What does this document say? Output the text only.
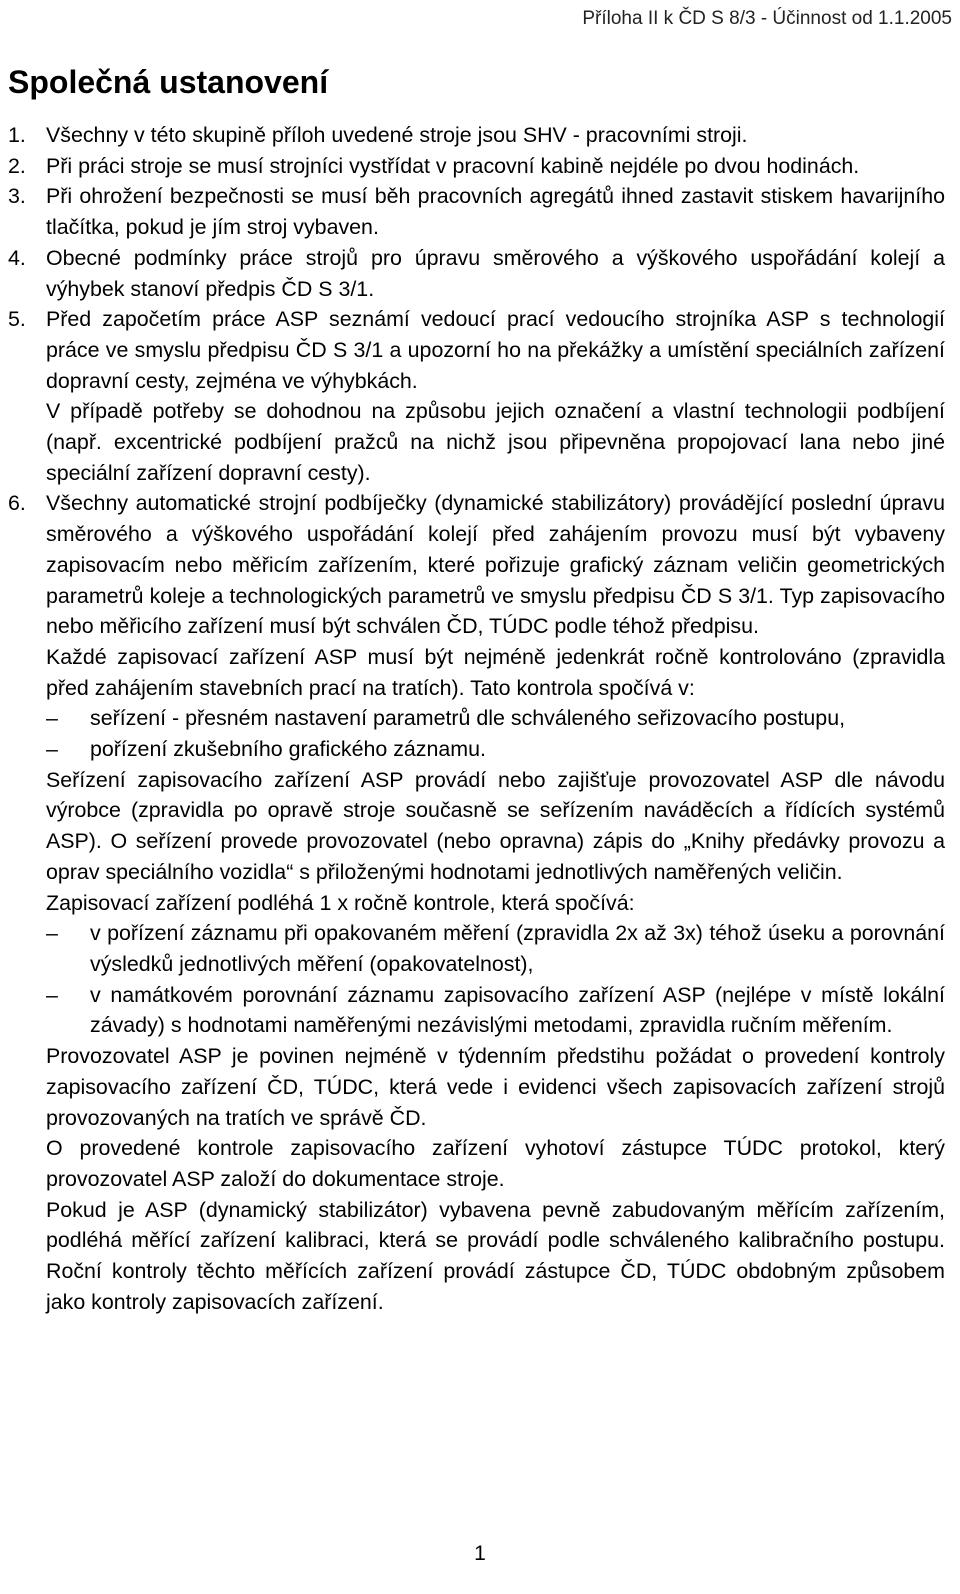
Příloha II k ČD S 8/3 - Účinnost od 1.1.2005
Společná ustanovení
1. Všechny v této skupině příloh uvedené stroje jsou SHV - pracovními stroji.

2. Při práci stroje se musí strojníci vystřídat v pracovní kabině nejdéle po dvou hodinách.

3. Při ohrožení bezpečnosti se musí běh pracovních agregátů ihned zastavit stiskem havarijního tlačítka, pokud je jím stroj vybaven.

4. Obecné podmínky práce strojů pro úpravu směrového a výškového uspořádání kolejí a výhybek stanoví předpis ČD S 3/1.

5. Před započetím práce ASP seznámí vedoucí prací vedoucího strojníka ASP s technologií práce ve smyslu předpisu ČD S 3/1 a upozorní ho na překážky a umístění speciálních zařízení dopravní cesty, zejména ve výhybkách.

V případě potřeby se dohodnou na způsobu jejich označení a vlastní technologii podbíjení (např. excentrické podbíjení pražců na nichž jsou připevněna propojovací lana nebo jiné speciální zařízení dopravní cesty).

6. Všechny automatické strojní podbíječky (dynamické stabilizátory) provádějící poslední úpravu směrového a výškového uspořádání kolejí před zahájením provozu musí být vybaveny zapisovacím nebo měřicím zařízením, které pořizuje grafický záznam veličin geometrických parametrů koleje a technologických parametrů ve smyslu předpisu ČD S 3/1. Typ zapisovacího nebo měřicího zařízení musí být schválen ČD, TÚDC podle téhož předpisu.

Každé zapisovací zařízení ASP musí být nejméně jedenkrát ročně kontrolováno (zpravidla před zahájením stavebních prací na tratích). Tato kontrola spočívá v:

–	seřízení - přesném nastavení parametrů dle schváleného seřizovacího postupu,
–	pořízení zkušebního grafického záznamu.

Seřízení zapisovacího zařízení ASP provádí nebo zajišťuje provozovatel ASP dle návodu výrobce (zpravidla po opravě stroje současně se seřízením naváděcích a řídících systémů ASP). O seřízení provede provozovatel (nebo opravna) zápis do „Knihy předávky provozu a oprav speciálního vozidla“ s přiloženými hodnotami jednotlivých naměřených veličin.

Zapisovací zařízení podléhá 1 x ročně kontrole, která spočívá:

–	v pořízení záznamu při opakovaném měření (zpravidla 2x až 3x) téhož úseku a porovnání výsledků jednotlivých měření (opakovatelnost),
–	v namátkovém porovnání záznamu zapisovacího zařízení ASP (nejlépe v místě lokální závady) s hodnotami naměřenými nezávislými metodami, zpravidla ručním měřením.

Provozovatel ASP je povinen nejméně v týdenním předstihu požádat o provedení kontroly zapisovacího zařízení ČD, TÚDC, která vede i evidenci všech zapisovacích zařízení strojů provozovaných na tratích ve správě ČD.

O provedené kontrole zapisovacího zařízení vyhotoví zástupce TÚDC protokol, který provozovatel ASP založí do dokumentace stroje.

Pokud je ASP (dynamický stabilizátor) vybavena pevně zabudovaným měřícím zařízením, podléhá měřící zařízení kalibraci, která se provádí podle schváleného kalibračního postupu. Roční kontroly těchto měřících zařízení provádí zástupce ČD, TÚDC obdobným způsobem jako kontroly zapisovacích zařízení.

1
